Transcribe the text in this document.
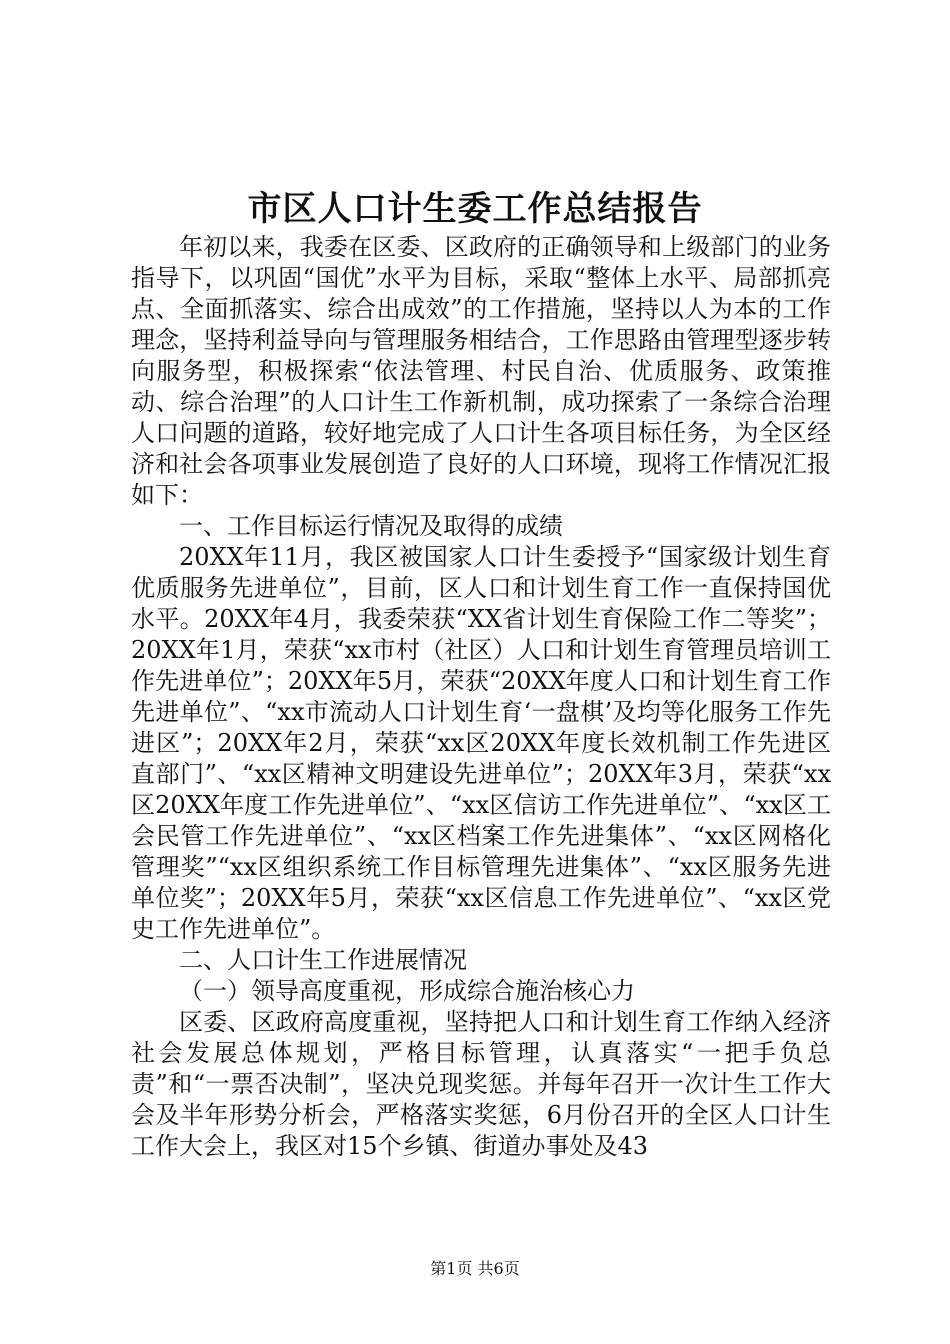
市区人口计生委工作总结报告

年初以来，我委在区委、区政府的正确领导和上级部门的业务指导下，以巩固“国优”水平为目标，采取“整体上水平、局部抓亮点、全面抓落实、综合出成效”的工作措施，坚持以人为本的工作理念，坚持利益导向与管理服务相结合，工作思路由管理型逐步转向服务型，积极探索“依法管理、村民自治、优质服务、政策推动、综合治理”的人口计生工作新机制，成功探索了一条综合治理人口问题的道路，较好地完成了人口计生各项目标任务，为全区经济和社会各项事业发展创造了良好的人口环境，现将工作情况汇报如下：

一、工作目标运行情况及取得的成绩

20XX年11月，我区被国家人口计生委授予“国家级计划生育优质服务先进单位”，目前，区人口和计划生育工作一直保持国优水平。20XX年4月，我委荣获“XX省计划生育保险工作二等奖”；20XX年1月，荣获“xx市村（社区）人口和计划生育管理员培训工作先进单位”；20XX年5月，荣获“20XX年度人口和计划生育工作先进单位”、“xx市流动人口计划生育‘一盘棋’及均等化服务工作先进区”；20XX年2月，荣获“xx区20XX年度长效机制工作先进区直部门”、“xx区精神文明建设先进单位”；20XX年3月，荣获“xx区20XX年度工作先进单位”、“xx区信访工作先进单位”、“xx区工会民管工作先进单位”、“xx区档案工作先进集体”、“xx区网格化管理奖”“xx区组织系统工作目标管理先进集体”、“xx区服务先进单位奖”；20XX年5月，荣获“xx区信息工作先进单位”、“xx区党史工作先进单位”。

二、人口计生工作进展情况

（一）领导高度重视，形成综合施治核心力

区委、区政府高度重视，坚持把人口和计划生育工作纳入经济社会发展总体规划，严格目标管理，认真落实“一把手负总责”和“一票否决制”，坚决兑现奖惩。并每年召开一次计生工作大会及半年形势分析会，严格落实奖惩，6月份召开的全区人口计生工作大会上，我区对15个乡镇、街道办事处及43

第1页 共6页
